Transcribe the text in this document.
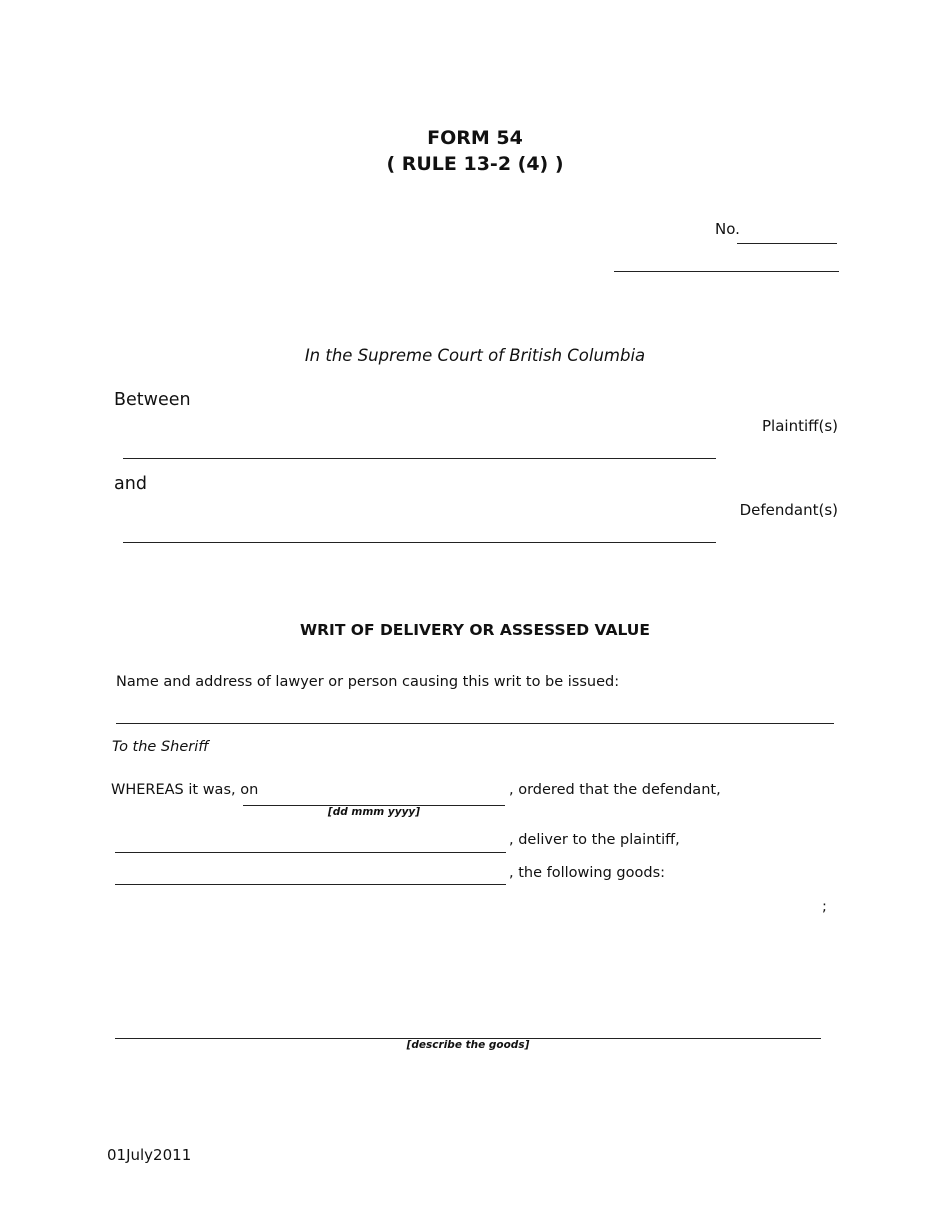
FORM 54
( RULE 13-2 (4) )
No.
In the Supreme Court of British Columbia
Between
Plaintiff(s)
and
Defendant(s)
WRIT OF DELIVERY OR ASSESSED VALUE
Name and address of lawyer or person causing this writ to be issued:
To the Sheriff
WHEREAS it was, on
[dd mmm yyyy]
, ordered that the defendant,
, deliver to the plaintiff,
, the following goods:
;
[describe the goods]
01July2011
